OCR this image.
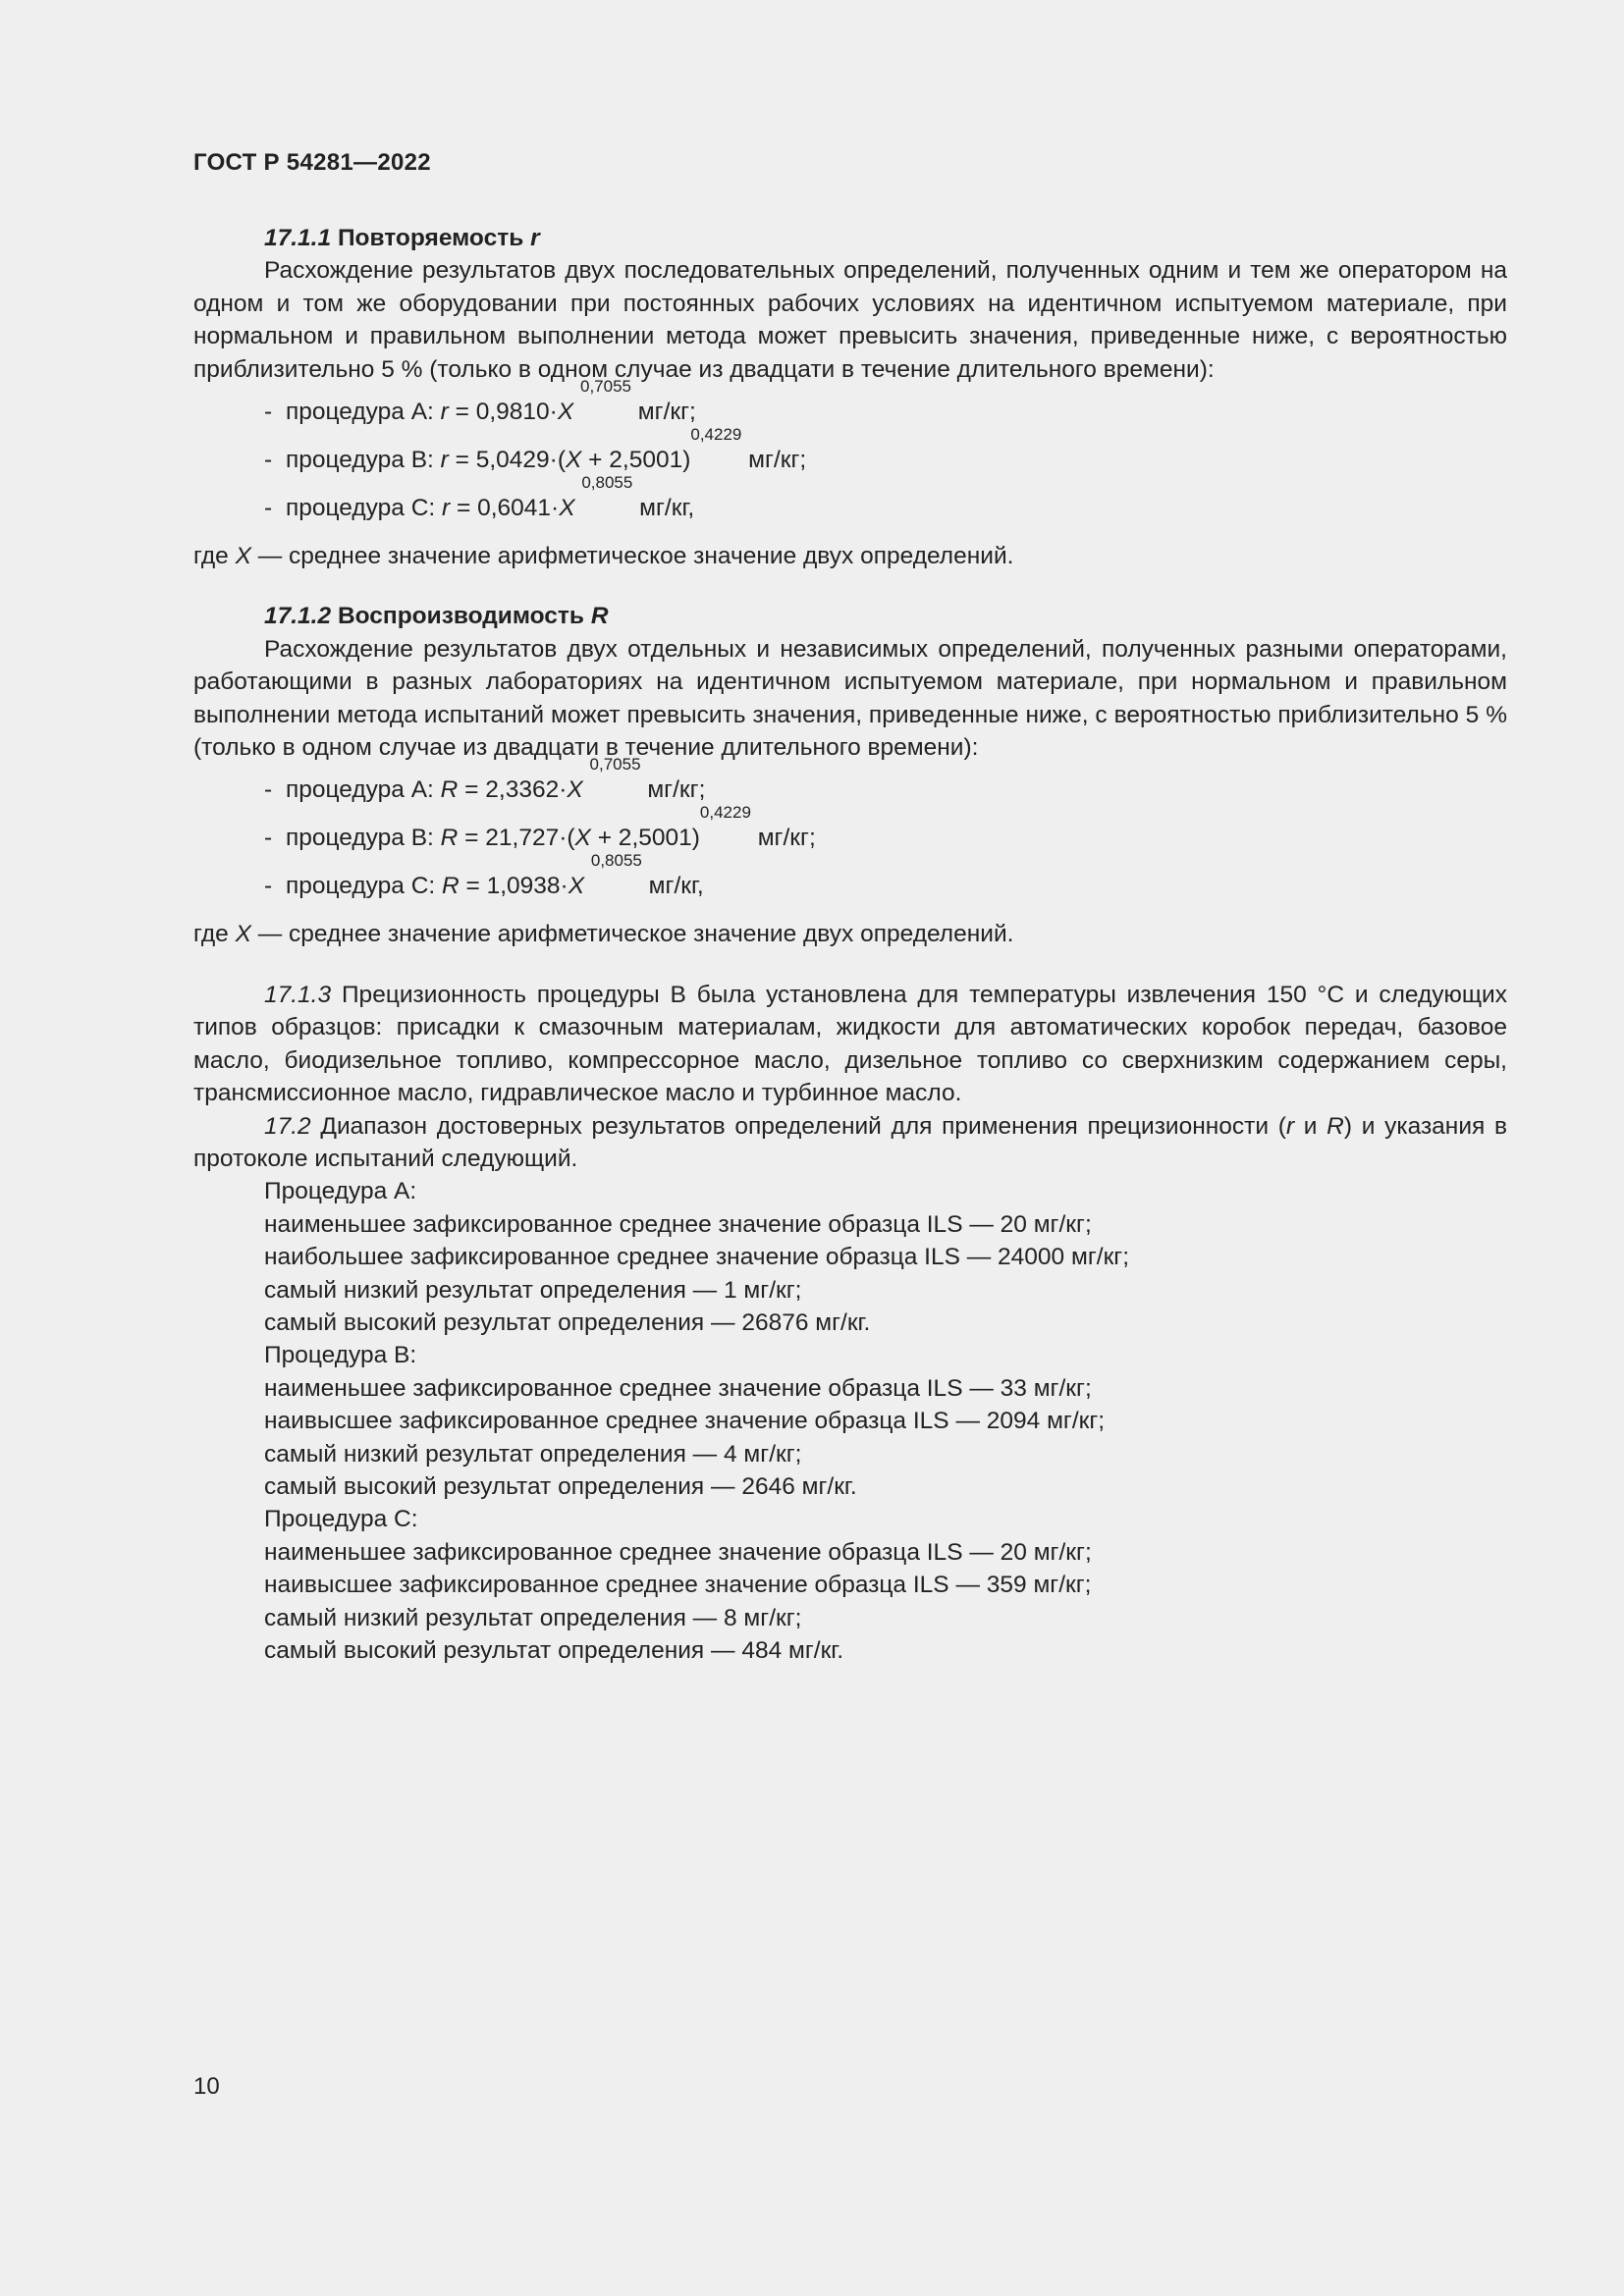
ГОСТ Р 54281—2022

17.1.1 Повторяемость r

Расхождение результатов двух последовательных определений, полученных одним и тем же оператором на одном и том же оборудовании при постоянных рабочих условиях на идентичном испытуемом материале, при нормальном и правильном выполнении метода может превысить значения, приведенные ниже, с вероятностью приблизительно 5 % (только в одном случае из двадцати в течение длительного времени):

- процедура А: r = 0,9810·X $^{0,7055}$ мг/кг;
- процедура В: $r = 5,0429\cdot(X + 2,5001)^{0,4229}$ мг/кг;
- процедура С: r = 0,6041·X $^{0,8055}$ мг/кг,

где X — среднее значение арифметическое значение двух определений.

17.1.2 Воспроизводимость R

Расхождение результатов двух отдельных и независимых определений, полученных разными операторами, работающими в разных лабораториях на идентичном испытуемом материале, при нормальном и правильном выполнении метода испытаний может превысить значения, приведенные ниже, с вероятностью приблизительно 5 % (только в одном случае из двадцати в течение длительного времени):

- процедура А: R = 2,3362·X $^{0,7055}$ мг/кг;
- процедура В: $R = 21,727\cdot(X + 2,5001)^{0,4229}$ мг/кг;
- процедура С: R = 1,0938·X $^{0,8055}$ мг/кг,

где X — среднее значение арифметическое значение двух определений.

17.1.3 Прецизионность процедуры В была установлена для температуры извлечения 150 °С и следующих типов образцов: присадки к смазочным материалам, жидкости для автоматических коробок передач, базовое масло, биодизельное топливо, компрессорное масло, дизельное топливо со сверхнизким содержанием серы, трансмиссионное масло, гидравлическое масло и турбинное масло.

17.2 Диапазон достоверных результатов определений для применения прецизионности (r и R) и указания в протоколе испытаний следующий.

Процедура А:

наименьшее зафиксированное среднее значение образца ILS — 20 мг/кг;

наибольшее зафиксированное среднее значение образца ILS — 24000 мг/кг;

самый низкий результат определения — 1 мг/кг;

самый высокий результат определения — 26876 мг/кг.

Процедура В:

наименьшее зафиксированное среднее значение образца ILS — 33 мг/кг;

наивысшее зафиксированное среднее значение образца ILS — 2094 мг/кг;

самый низкий результат определения — 4 мг/кг;

самый высокий результат определения — 2646 мг/кг.

Процедура С:

наименьшее зафиксированное среднее значение образца ILS — 20 мг/кг;

наивысшее зафиксированное среднее значение образца ILS — 359 мг/кг;

самый низкий результат определения — 8 мг/кг;

самый высокий результат определения — 484 мг/кг.

10
